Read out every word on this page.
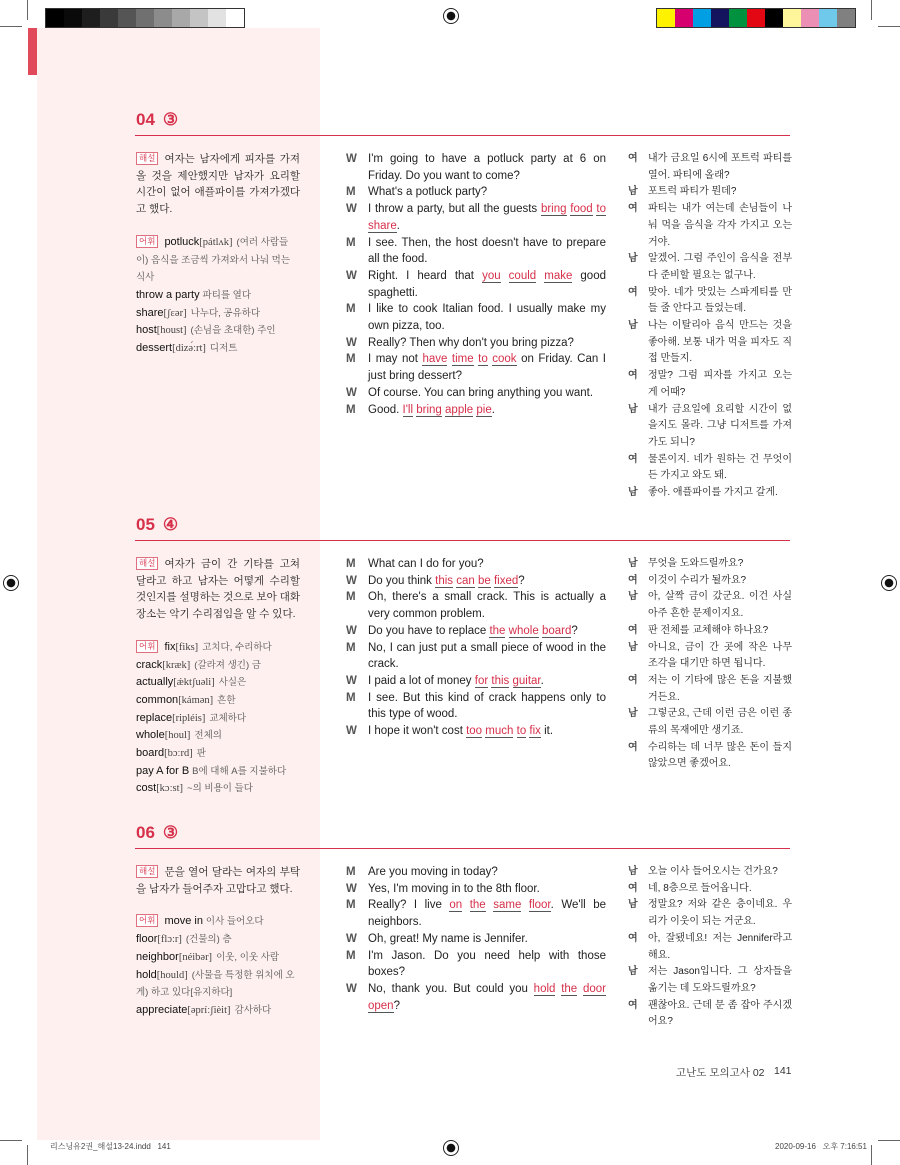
04 ③
해설 여자는 남자에게 피자를 가져올 것을 제안했지만 남자가 요리할 시간이 없어 애플파이를 가져가겠다고 했다.
어휘 potluck[pátlʌk] (여러 사람들이) 음식을 조금씩 가져와서 나눠 먹는 식사
throw a party 파티를 열다
share[ʃɛər] 나누다, 공유하다
host[houst] (손님을 초대한) 주인
dessert[dizə́ːrt] 디저트
W I'm going to have a potluck party at 6 on Friday. Do you want to come?
M	What's a potluck party?
W I throw a party, but all the guests bring food to share.
M	I see. Then, the host doesn't have to prepare all the food.
W Right. I heard that you could make good spaghetti.
M	I like to cook Italian food. I usually make my own pizza, too.
W Really? Then why don't you bring pizza?
M	I may not have time to cook on Friday. Can I just bring dessert?
W Of course. You can bring anything you want.
M	Good. I'll bring apple pie.
여	내가 금요일 6시에 포트럭 파티를 열어. 파티에 올래?
남	포트럭 파티가 뭔데?
여	파티는 내가 여는데 손님들이 나눠 먹을 음식을 각자 가지고 오는 거야.
남	알겠어. 그럼 주인이 음식을 전부 다 준비할 필요는 없구나.
여	맞아. 네가 맛있는 스파게티를 만들 줄 안다고 들었는데.
남	나는 이탈리아 음식 만드는 것을 좋아해. 보통 내가 먹을 피자도 직접 만들지.
여	정말? 그럼 피자를 가지고 오는 게 어때?
남	내가 금요일에 요리할 시간이 없을지도 몰라. 그냥 디저트를 가져가도 되니?
여	물론이지. 네가 원하는 건 무엇이든 가지고 와도 돼.
남	좋아. 애플파이를 가지고 갈게.
05 ④
해설 여자가 금이 간 기타를 고쳐 달라고 하고 남자는 어떻게 수리할 것인지를 설명하는 것으로 보아 대화 장소는 악기 수리점임을 알 수 있다.
어휘 fix[fiks] 고치다, 수리하다
crack[kræk] (갈라져 생긴) 금
actually[ǽktʃuəli] 사실은
common[kámən] 흔한
replace[ripléis] 교체하다
whole[houl] 전체의
board[bɔːrd] 판
pay A for B B에 대해 A를 지불하다
cost[kɔːst] ~의 비용이 들다
M	What can I do for you?
W Do you think this can be fixed?
M	Oh, there's a small crack. This is actually a very common problem.
W Do you have to replace the whole board?
M	No, I can just put a small piece of wood in the crack.
W I paid a lot of money for this guitar.
M	I see. But this kind of crack happens only to this type of wood.
W I hope it won't cost too much to fix it.
남	무엇을 도와드릴까요?
여	이것이 수리가 될까요?
남	아, 살짝 금이 갔군요. 이건 사실 아주 흔한 문제이지요.
여	판 전체를 교체해야 하나요?
남	아니요, 금이 간 곳에 작은 나무 조각을 대기만 하면 됩니다.
여	저는 이 기타에 많은 돈을 지불했거든요.
남	그렇군요, 근데 이런 금은 이런 종류의 목재에만 생기죠.
여	수리하는 데 너무 많은 돈이 들지 않았으면 좋겠어요.
06 ③
해설 문을 열어 달라는 여자의 부탁을 남자가 들어주자 고맙다고 했다.
어휘 move in 이사 들어오다
floor[flɔːr] (건물의) 층
neighbor[néibər] 이웃, 이웃 사람
hold[hould] (사물을 특정한 위치에 오게) 하고 있다[유지하다]
appreciate[əpríːʃièit] 감사하다
M	Are you moving in today?
W Yes, I'm moving in to the 8th floor.
M	Really? I live on the same floor. We'll be neighbors.
W Oh, great! My name is Jennifer.
M	I'm Jason. Do you need help with those boxes?
W No, thank you. But could you hold the door open?
남	오늘 이사 들어오시는 건가요?
여	네, 8층으로 들어옵니다.
남	정말요? 저와 같은 층이네요. 우리가 이웃이 되는 거군요.
여	아, 잘됐네요! 저는 Jennifer라고 해요.
남	저는 Jason입니다. 그 상자들을 옮기는 데 도와드릴까요?
여	괜찮아요. 근데 문 좀 잡아 주시겠어요?
고난도 모의고사 02 141
리스닝유2권_해설13-24.indd   141	2020-09-16   오후 7:16:51
